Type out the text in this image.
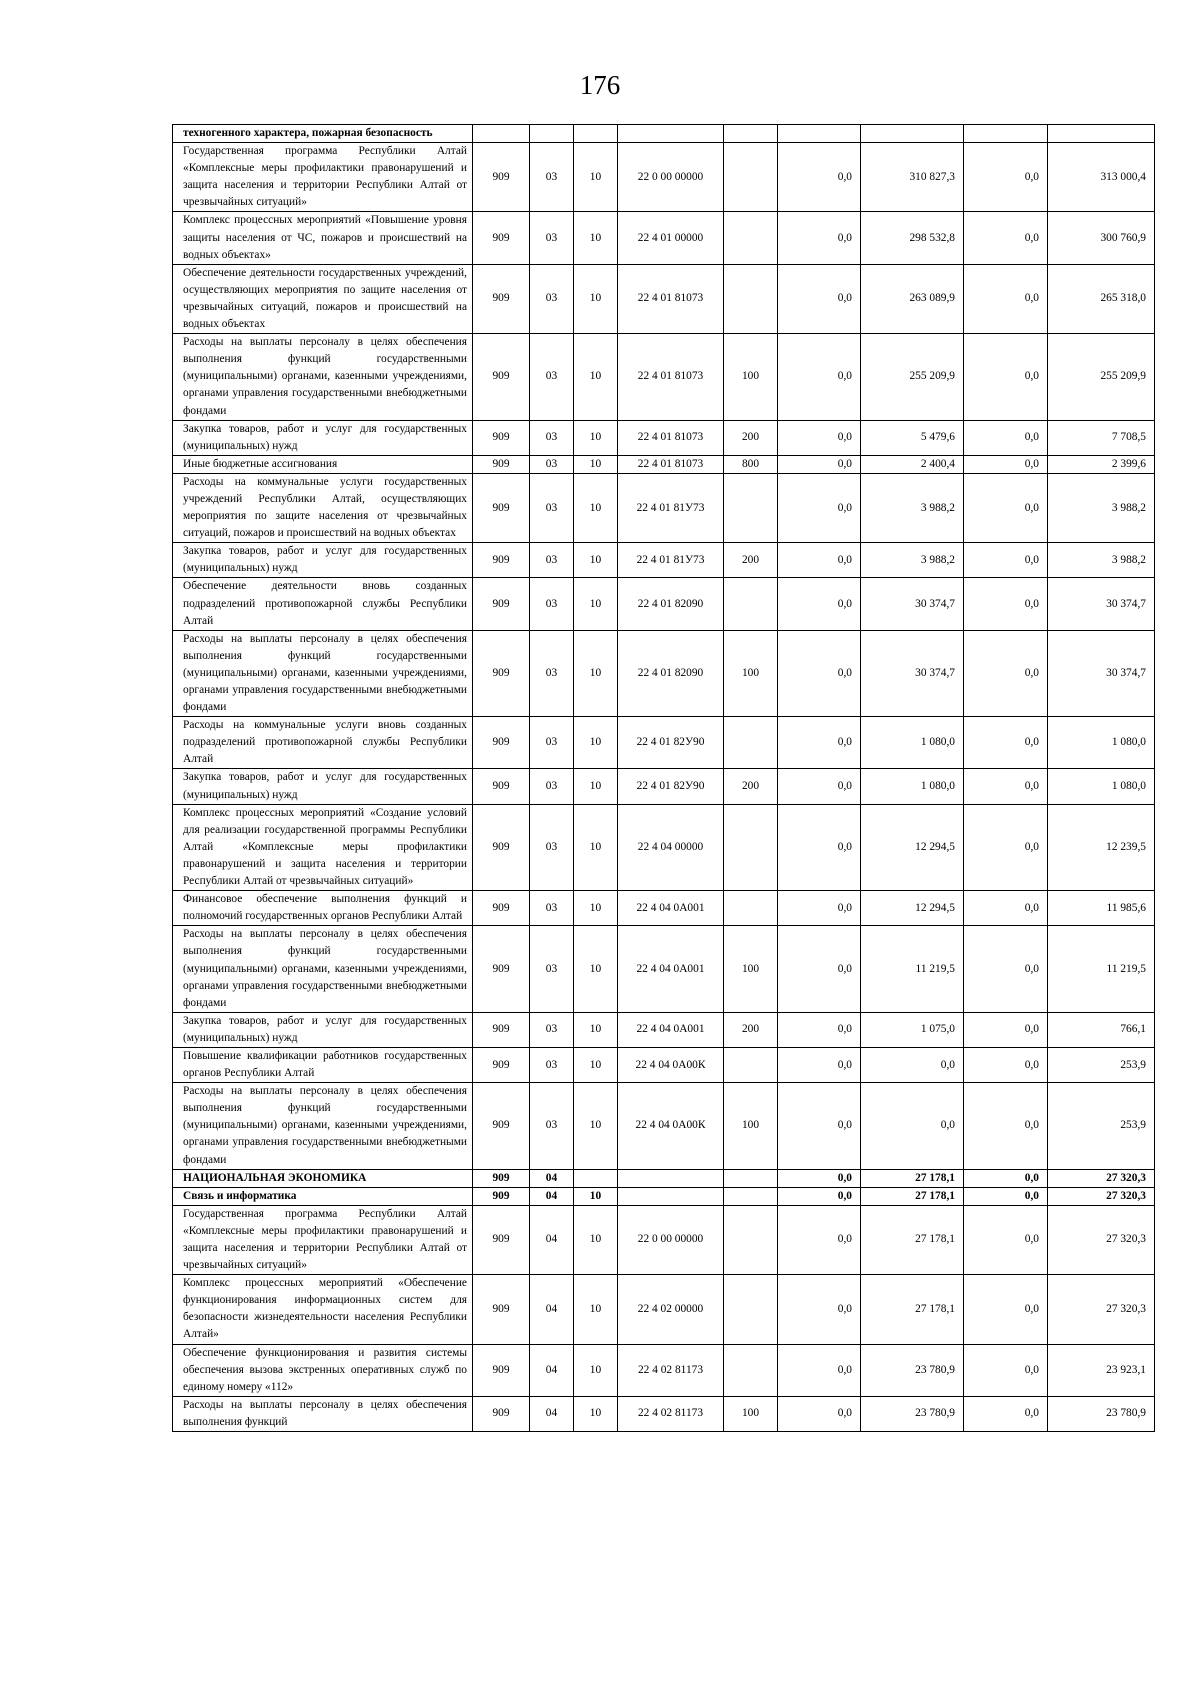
176
техногенного характера, пожарная безопасность									
Государственная программа Республики Алтай «Комплексные меры профилактики правонарушений и защита населения и территории Республики Алтай от чрезвычайных ситуаций»	909	03	10	22 0 00 00000		0,0	310 827,3	0,0	313 000,4
Комплекс процессных мероприятий «Повышение уровня защиты населения от ЧС, пожаров и происшествий на водных объектах»	909	03	10	22 4 01 00000		0,0	298 532,8	0,0	300 760,9
Обеспечение деятельности государственных учреждений, осуществляющих мероприятия по защите населения от чрезвычайных ситуаций, пожаров и происшествий на водных объектах	909	03	10	22 4 01 81073		0,0	263 089,9	0,0	265 318,0
Расходы на выплаты персоналу в целях обеспечения выполнения функций государственными (муниципальными) органами, казенными учреждениями, органами управления государственными внебюджетными фондами	909	03	10	22 4 01 81073	100	0,0	255 209,9	0,0	255 209,9
Закупка товаров, работ и услуг для государственных (муниципальных) нужд	909	03	10	22 4 01 81073	200	0,0	5 479,6	0,0	7 708,5
Иные бюджетные ассигнования	909	03	10	22 4 01 81073	800	0,0	2 400,4	0,0	2 399,6
Расходы на коммунальные услуги государственных учреждений Республики Алтай, осуществляющих мероприятия по защите населения от чрезвычайных ситуаций, пожаров и происшествий на водных объектах	909	03	10	22 4 01 81У73		0,0	3 988,2	0,0	3 988,2
Закупка товаров, работ и услуг для государственных (муниципальных) нужд	909	03	10	22 4 01 81У73	200	0,0	3 988,2	0,0	3 988,2
Обеспечение деятельности вновь созданных подразделений противопожарной службы Республики Алтай	909	03	10	22 4 01 82090		0,0	30 374,7	0,0	30 374,7
Расходы на выплаты персоналу в целях обеспечения выполнения функций государственными (муниципальными) органами, казенными учреждениями, органами управления государственными внебюджетными фондами	909	03	10	22 4 01 82090	100	0,0	30 374,7	0,0	30 374,7
Расходы на коммунальные услуги вновь созданных подразделений противопожарной службы Республики Алтай	909	03	10	22 4 01 82У90		0,0	1 080,0	0,0	1 080,0
Закупка товаров, работ и услуг для государственных (муниципальных) нужд	909	03	10	22 4 01 82У90	200	0,0	1 080,0	0,0	1 080,0
Комплекс процессных мероприятий «Создание условий для реализации государственной программы Республики Алтай «Комплексные меры профилактики правонарушений и защита населения и территории Республики Алтай от чрезвычайных ситуаций»	909	03	10	22 4 04 00000		0,0	12 294,5	0,0	12 239,5
Финансовое обеспечение выполнения функций и полномочий государственных органов Республики Алтай	909	03	10	22 4 04 0А001		0,0	12 294,5	0,0	11 985,6
Расходы на выплаты персоналу в целях обеспечения выполнения функций государственными (муниципальными) органами, казенными учреждениями, органами управления государственными внебюджетными фондами	909	03	10	22 4 04 0А001	100	0,0	11 219,5	0,0	11 219,5
Закупка товаров, работ и услуг для государственных (муниципальных) нужд	909	03	10	22 4 04 0А001	200	0,0	1 075,0	0,0	766,1
Повышение квалификации работников государственных органов Республики Алтай	909	03	10	22 4 04 0А00К		0,0	0,0	0,0	253,9
Расходы на выплаты персоналу в целях обеспечения выполнения функций государственными (муниципальными) органами, казенными учреждениями, органами управления государственными внебюджетными фондами	909	03	10	22 4 04 0А00К	100	0,0	0,0	0,0	253,9
НАЦИОНАЛЬНАЯ ЭКОНОМИКА	909	04				0,0	27 178,1	0,0	27 320,3
Связь и информатика	909	04	10			0,0	27 178,1	0,0	27 320,3
Государственная программа Республики Алтай «Комплексные меры профилактики правонарушений и защита населения и территории Республики Алтай от чрезвычайных ситуаций»	909	04	10	22 0 00 00000		0,0	27 178,1	0,0	27 320,3
Комплекс процессных мероприятий «Обеспечение функционирования информационных систем для безопасности жизнедеятельности населения Республики Алтай»	909	04	10	22 4 02 00000		0,0	27 178,1	0,0	27 320,3
Обеспечение функционирования и развития системы обеспечения вызова экстренных оперативных служб по единому номеру «112»	909	04	10	22 4 02 81173		0,0	23 780,9	0,0	23 923,1
Расходы на выплаты персоналу в целях обеспечения выполнения функций	909	04	10	22 4 02 81173	100	0,0	23 780,9	0,0	23 780,9
